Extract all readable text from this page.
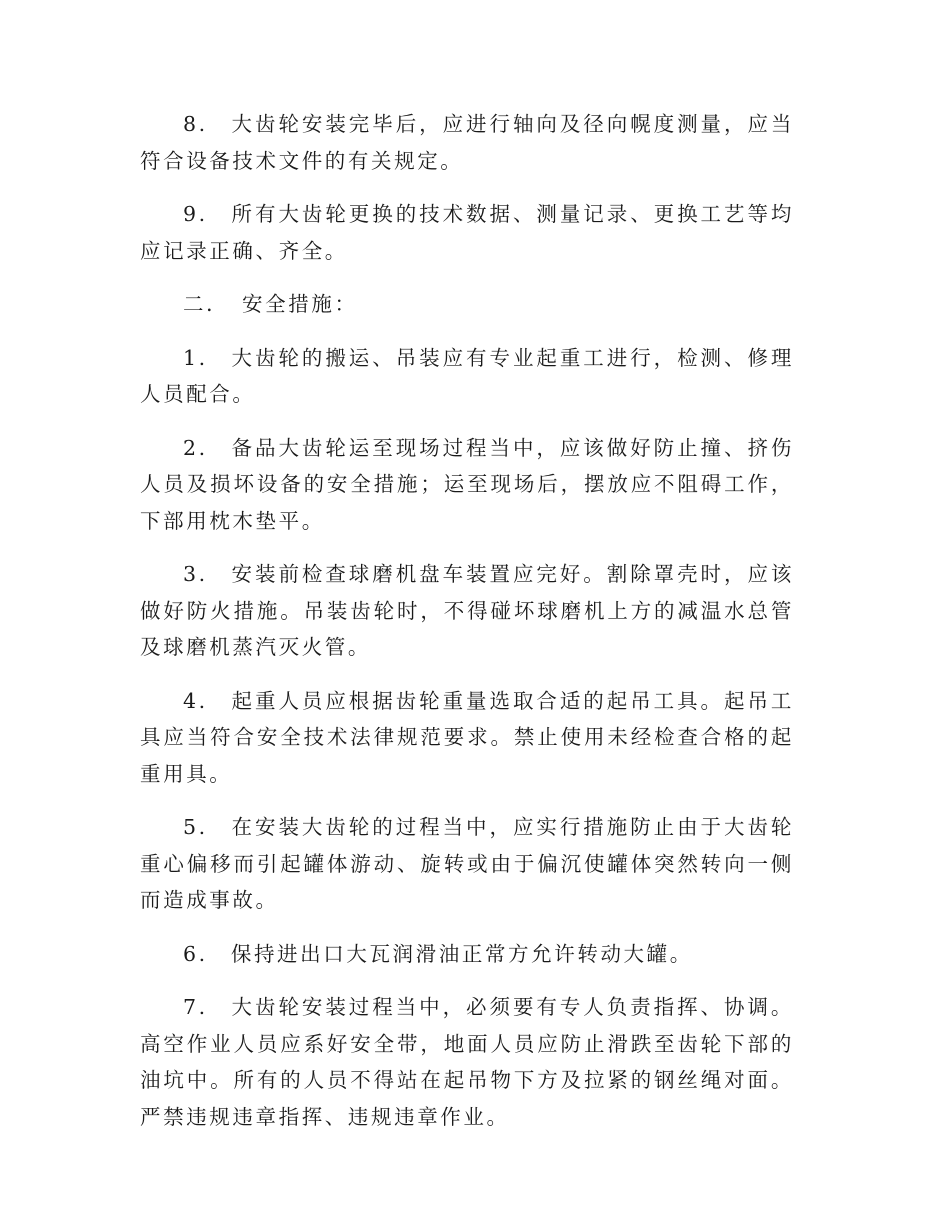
8.　大齿轮安装完毕后，应进行轴向及径向幌度测量，应当符合设备技术文件的有关规定。

9.　所有大齿轮更换的技术数据、测量记录、更换工艺等均应记录正确、齐全。

二．　安全措施：

1.　大齿轮的搬运、吊装应有专业起重工进行，检测、修理人员配合。

2.　备品大齿轮运至现场过程当中，应该做好防止撞、挤伤人员及损坏设备的安全措施；运至现场后，摆放应不阻碍工作，下部用枕木垫平。

3.　安装前检查球磨机盘车装置应完好。割除罩壳时，应该做好防火措施。吊装齿轮时，不得碰坏球磨机上方的减温水总管及球磨机蒸汽灭火管。

4.　起重人员应根据齿轮重量选取合适的起吊工具。起吊工具应当符合安全技术法律规范要求。禁止使用未经检查合格的起重用具。

5.　在安装大齿轮的过程当中，应实行措施防止由于大齿轮重心偏移而引起罐体游动、旋转或由于偏沉使罐体突然转向一侧而造成事故。

6.　保持进出口大瓦润滑油正常方允许转动大罐。

7.　大齿轮安装过程当中，必须要有专人负责指挥、协调。高空作业人员应系好安全带，地面人员应防止滑跌至齿轮下部的油坑中。所有的人员不得站在起吊物下方及拉紧的钢丝绳对面。严禁违规违章指挥、违规违章作业。
